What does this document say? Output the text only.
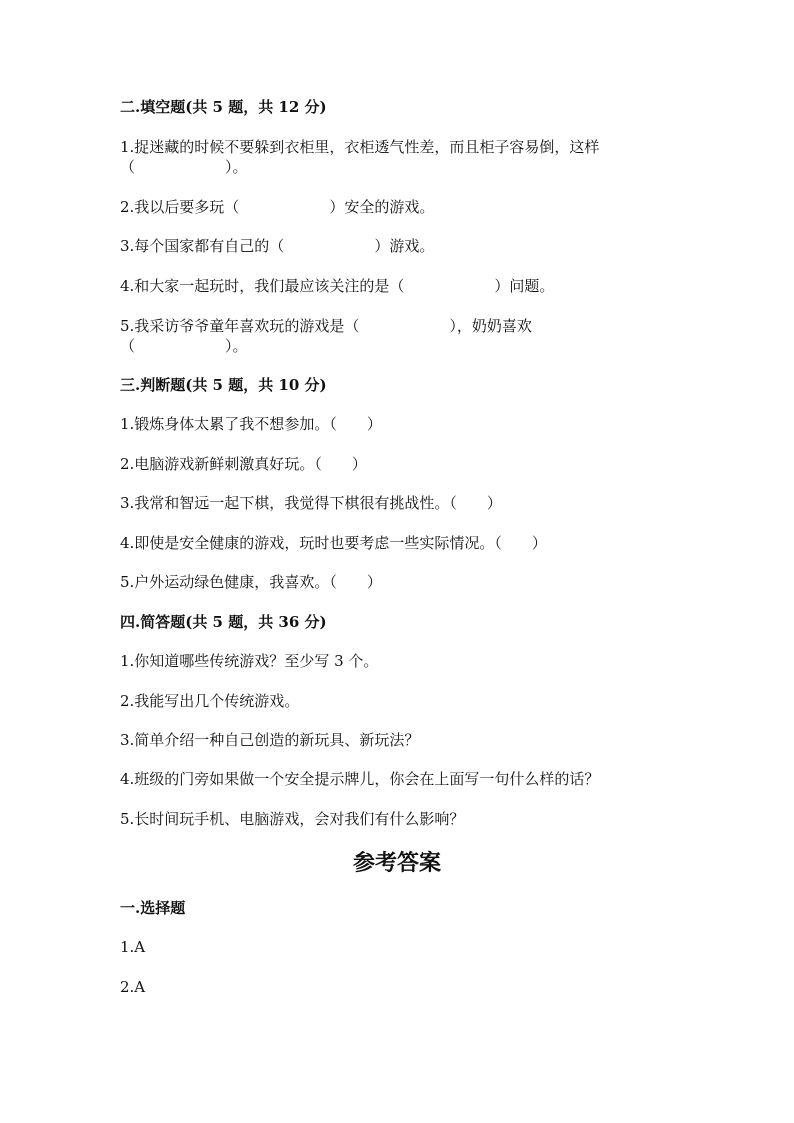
二.填空题(共 5 题，共 12 分)
1.捉迷藏的时候不要躲到衣柜里，衣柜透气性差，而且柜子容易倒，这样
（　　　　　　）。
2.我以后要多玩（　　　　　　）安全的游戏。
3.每个国家都有自己的（　　　　　　）游戏。
4.和大家一起玩时，我们最应该关注的是（　　　　　　）问题。
5.我采访爷爷童年喜欢玩的游戏是（　　　　　　），奶奶喜欢
（　　　　　　）。
三.判断题(共 5 题，共 10 分)
1.锻炼身体太累了我不想参加。（　　）
2.电脑游戏新鲜刺激真好玩。（　　）
3.我常和智远一起下棋，我觉得下棋很有挑战性。（　　）
4.即使是安全健康的游戏，玩时也要考虑一些实际情况。（　　）
5.户外运动绿色健康，我喜欢。（　　）
四.简答题(共 5 题，共 36 分)
1.你知道哪些传统游戏？至少写 3 个。
2.我能写出几个传统游戏。
3.简单介绍一种自己创造的新玩具、新玩法？
4.班级的门旁如果做一个安全提示牌儿，你会在上面写一句什么样的话？
5.长时间玩手机、电脑游戏，会对我们有什么影响？
参考答案
一.选择题
1.A
2.A
